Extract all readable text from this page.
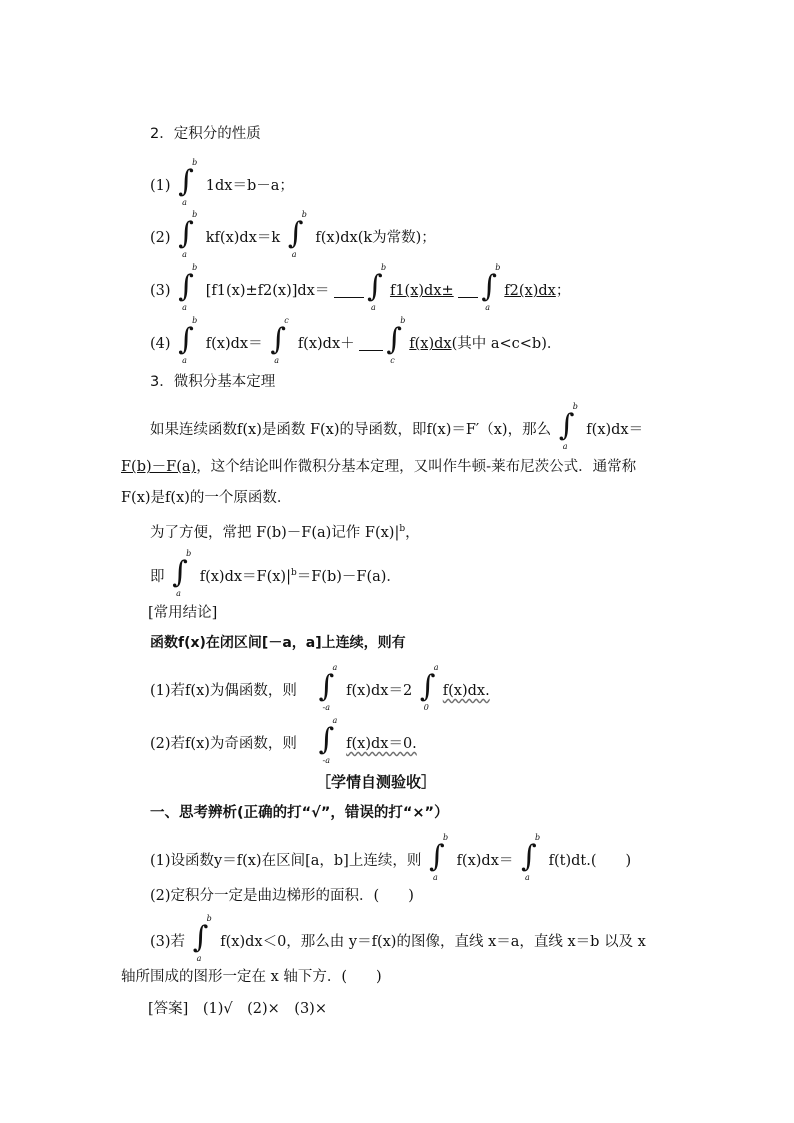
2．定积分的性质
(1) ∫
b
a
1dx＝b－a；
(2) ∫
b
a
kf(x)dx＝k ∫
b
a
f(x)dx(k为常数)；
(3) ∫
b
a
[f1(x)±f2(x)]dx＝ ∫
b
a
f1(x)dx± ∫
b
a
f2(x)dx；
(4) ∫
b
a
f(x)dx＝ ∫
c
a
f(x)dx＋ ∫
b
c
f(x)dx(其中 a<c<b)．
3．微积分基本定理
如果连续函数f(x)是函数 F(x)的导函数，即f(x)＝F′（x)，那么 ∫
b
a
f(x)dx＝
F(b)－F(a)，这个结论叫作微积分基本定理，又叫作牛顿-莱布尼茨公式．通常称
F(x)是f(x)的一个原函数．
为了方便，常把 F(b)－F(a)记作 $F(x)|^b$，
即 ∫
b
a
$f(x)dx=F(x)|^b=F(b)-F(a)$．
[常用结论]
函数f(x)在闭区间[－a，a]上连续，则有
(1)若f(x)为偶函数，则 ∫
a
-a
f(x)dx＝2 ∫
a
0
f(x)dx.
(2)若f(x)为奇函数，则 ∫
a
-a
f(x)dx＝0.
［学情自测验收］
一、思考辨析(正确的打“√”，错误的打“×”）
(1)设函数y＝f(x)在区间[a，b]上连续，则 ∫
b
a
f(x)dx＝ ∫
b
a
f(t)dt.(　　)
(2)定积分一定是曲边梯形的面积．(　　)
(3)若 ∫
b
a
f(x)dx＜0，那么由 y＝f(x)的图像，直线 x＝a，直线 x＝b 以及 x
轴所围成的图形一定在 x 轴下方．(　　)
[答案]　(1)√　(2)×　(3)×
